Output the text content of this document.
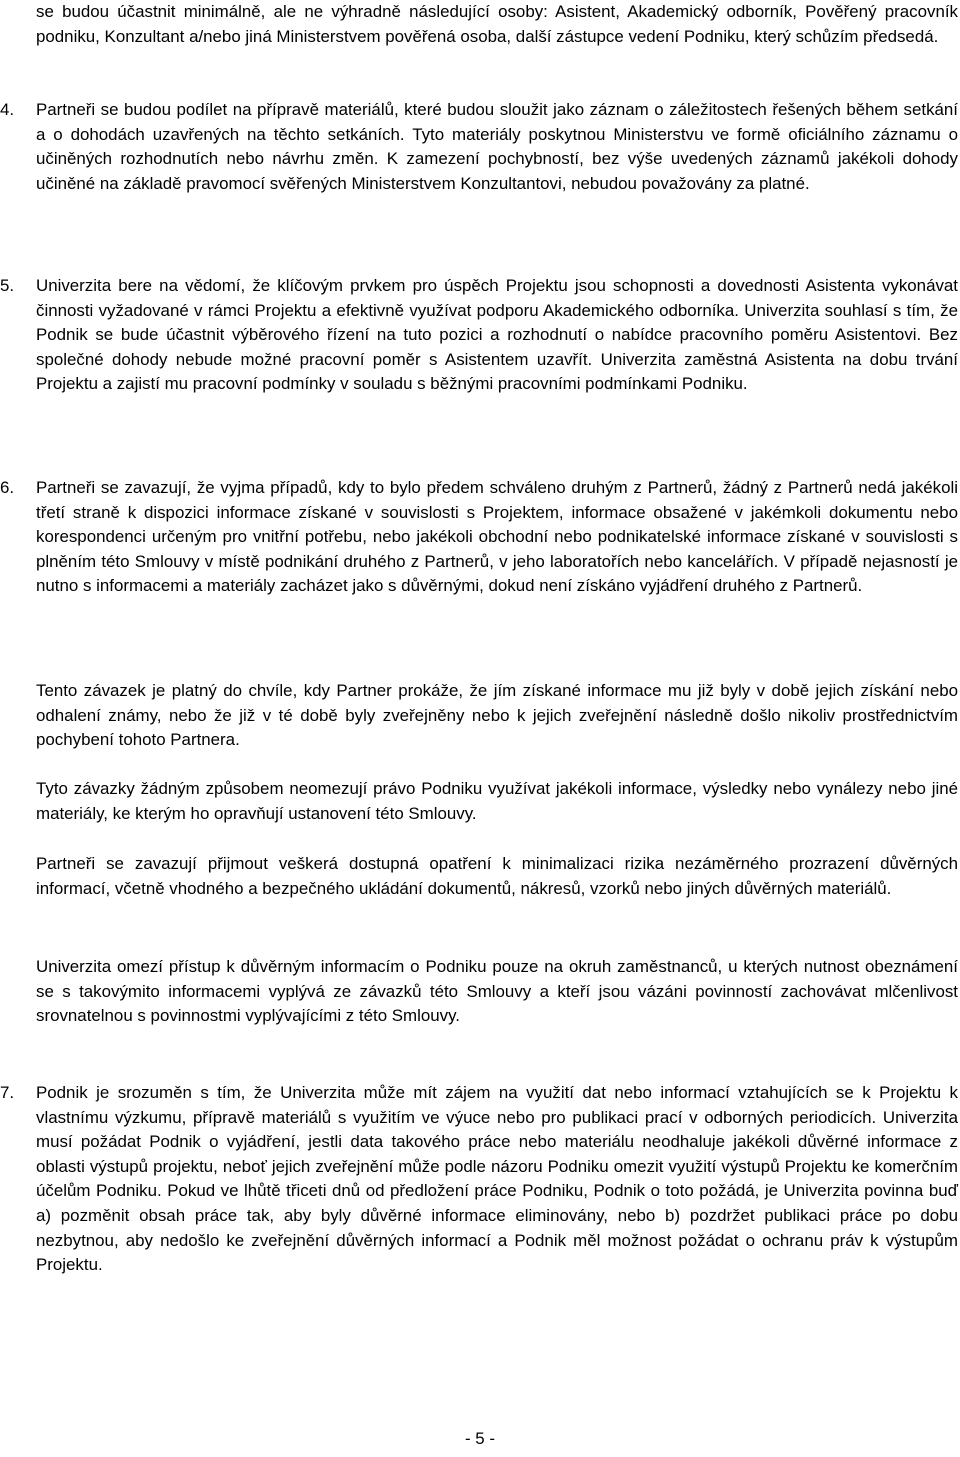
se budou účastnit minimálně, ale ne výhradně následující osoby: Asistent, Akademický odborník, Pověřený pracovník podniku, Konzultant a/nebo jiná Ministerstvem pověřená osoba, další zástupce vedení Podniku, který schůzím předsedá.

4.	Partneři se budou podílet na přípravě materiálů, které budou sloužit jako záznam o záležitostech řešených během setkání a o dohodách uzavřených na těchto setkáních. Tyto materiály poskytnou Ministerstvu ve formě oficiálního záznamu o učiněných rozhodnutích nebo návrhu změn. K zamezení pochybností, bez výše uvedených záznamů jakékoli dohody učiněné na základě pravomocí svěřených Ministerstvem Konzultantovi, nebudou považovány za platné.

5.	Univerzita bere na vědomí, že klíčovým prvkem pro úspěch Projektu jsou schopnosti a dovednosti Asistenta vykonávat činnosti vyžadované v rámci Projektu a efektivně využívat podporu Akademického odborníka. Univerzita souhlasí s tím, že Podnik se bude účastnit výběrového řízení na tuto pozici a rozhodnutí o nabídce pracovního poměru Asistentovi. Bez společné dohody nebude možné pracovní poměr s Asistentem uzavřít. Univerzita zaměstná Asistenta na dobu trvání Projektu a zajistí mu pracovní podmínky v souladu s běžnými pracovními podmínkami Podniku.

6.	Partneři se zavazují, že vyjma případů, kdy to bylo předem schváleno druhým z Partnerů, žádný z Partnerů nedá jakékoli třetí straně k dispozici informace získané v souvislosti s Projektem, informace obsažené v jakémkoli dokumentu nebo korespondenci určeným pro vnitřní potřebu, nebo jakékoli obchodní nebo podnikatelské informace získané v souvislosti s plněním této Smlouvy v místě podnikání druhého z Partnerů, v jeho laboratořích nebo kancelářích. V případě nejasností je nutno s informacemi a materiály zacházet jako s důvěrnými, dokud není získáno vyjádření druhého z Partnerů.

Tento závazek je platný do chvíle, kdy Partner prokáže, že jím získané informace mu již byly v době jejich získání nebo odhalení známy, nebo že již v té době byly zveřejněny nebo k jejich zveřejnění následně došlo nikoliv prostřednictvím pochybení tohoto Partnera.

Tyto závazky žádným způsobem neomezují právo Podniku využívat jakékoli informace, výsledky nebo vynálezy nebo jiné materiály, ke kterým ho opravňují ustanovení této Smlouvy.

Partneři se zavazují přijmout veškerá dostupná opatření k minimalizaci rizika nezáměrného prozrazení důvěrných informací, včetně vhodného a bezpečného ukládání dokumentů, nákresů, vzorků nebo jiných důvěrných materiálů.

Univerzita omezí přístup k důvěrným informacím o Podniku pouze na okruh zaměstnanců, u kterých nutnost obeznámení se s takovýmito informacemi vyplývá ze závazků této Smlouvy a kteří jsou vázáni povinností zachovávat mlčenlivost srovnatelnou s povinnostmi vyplývajícími z této Smlouvy.

7.	Podnik je srozuměn s tím, že Univerzita může mít zájem na využití dat nebo informací vztahujících se k Projektu k vlastnímu výzkumu, přípravě materiálů s využitím ve výuce nebo pro publikaci prací v odborných periodicích. Univerzita musí požádat Podnik o vyjádření, jestli data takového práce nebo materiálu neodhaluje jakékoli důvěrné informace z oblasti výstupů projektu, neboť jejich zveřejnění může podle názoru Podniku omezit využití výstupů Projektu ke komerčním účelům Podniku. Pokud ve lhůtě třiceti dnů od předložení práce Podniku, Podnik o toto požádá, je Univerzita povinna buď a) pozměnit obsah práce tak, aby byly důvěrné informace eliminovány, nebo b) pozdržet publikaci práce po dobu nezbytnou, aby nedošlo ke zveřejnění důvěrných informací a Podnik měl možnost požádat o ochranu práv k výstupům Projektu.

- 5 -
